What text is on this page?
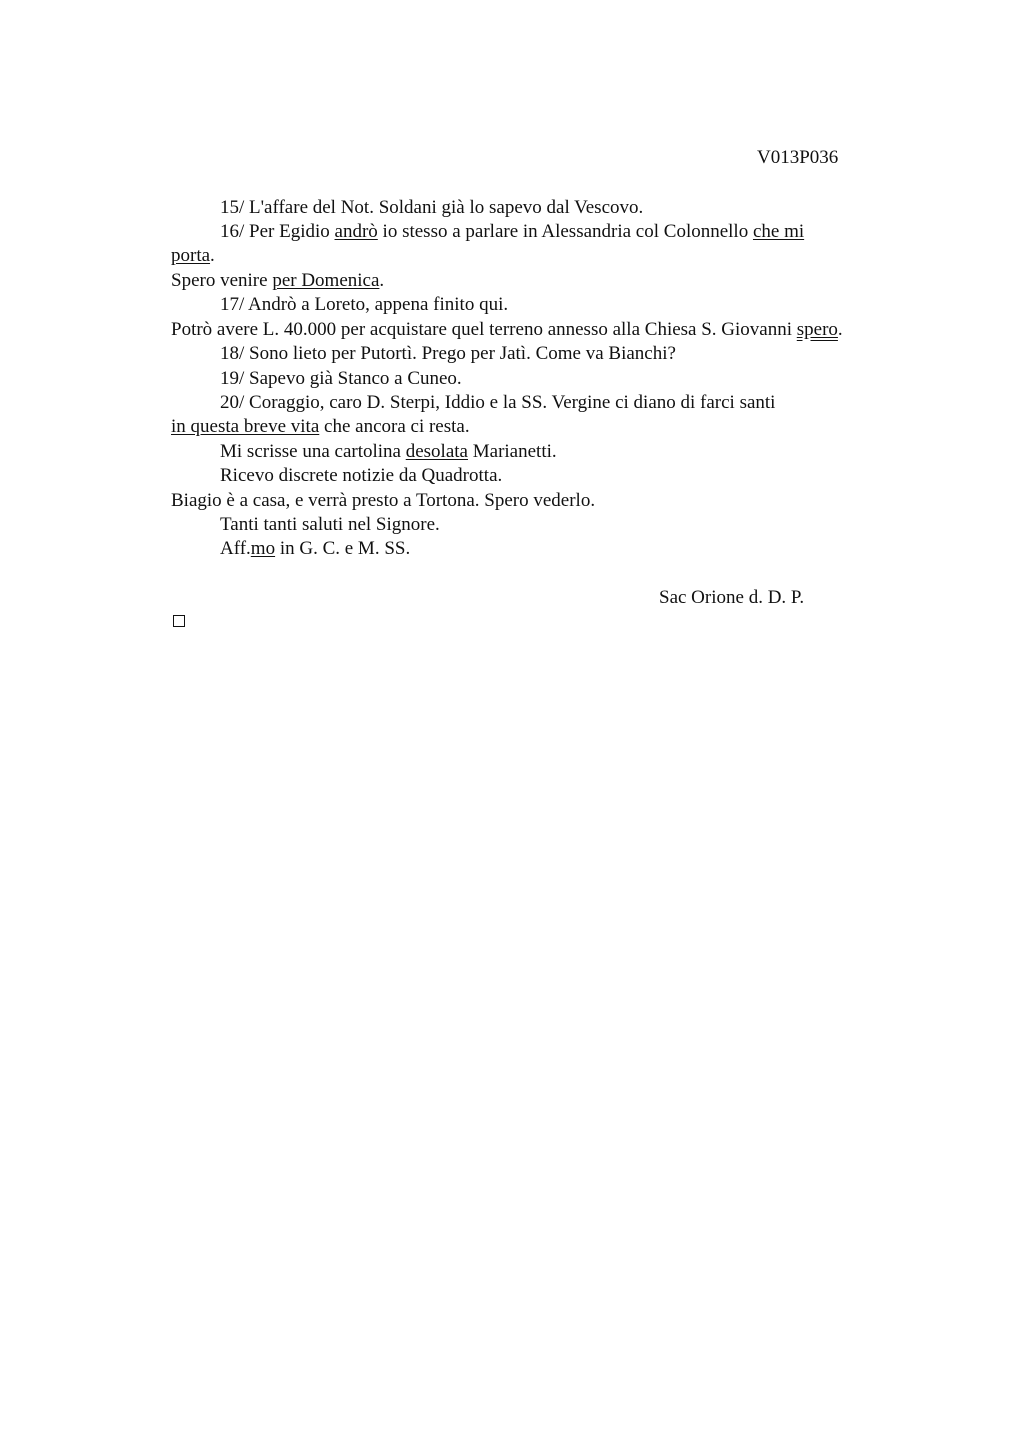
V013P036
15/ L'affare del Not. Soldani già lo sapevo dal Vescovo.
16/ Per Egidio andrò io stesso a parlare in Alessandria col Colonnello che mi
porta.
Spero venire per Domenica.
17/ Andrò a Loreto, appena finito qui.
Potrò avere L. 40.000 per acquistare quel terreno annesso alla Chiesa S. Giovanni spero.
18/ Sono lieto per Putortì. Prego per Jatì. Come va Bianchi?
19/ Sapevo già Stanco a Cuneo.
20/ Coraggio, caro D. Sterpi, Iddio e la SS. Vergine ci diano di farci santi
in questa breve vita che ancora ci resta.
Mi scrisse una cartolina desolata Marianetti.
Ricevo discrete notizie da Quadrotta.
Biagio è a casa, e verrà presto a Tortona. Spero vederlo.
Tanti tanti saluti nel Signore.
Aff.mo in G. C. e M. SS.
Sac Orione d. D. P.
